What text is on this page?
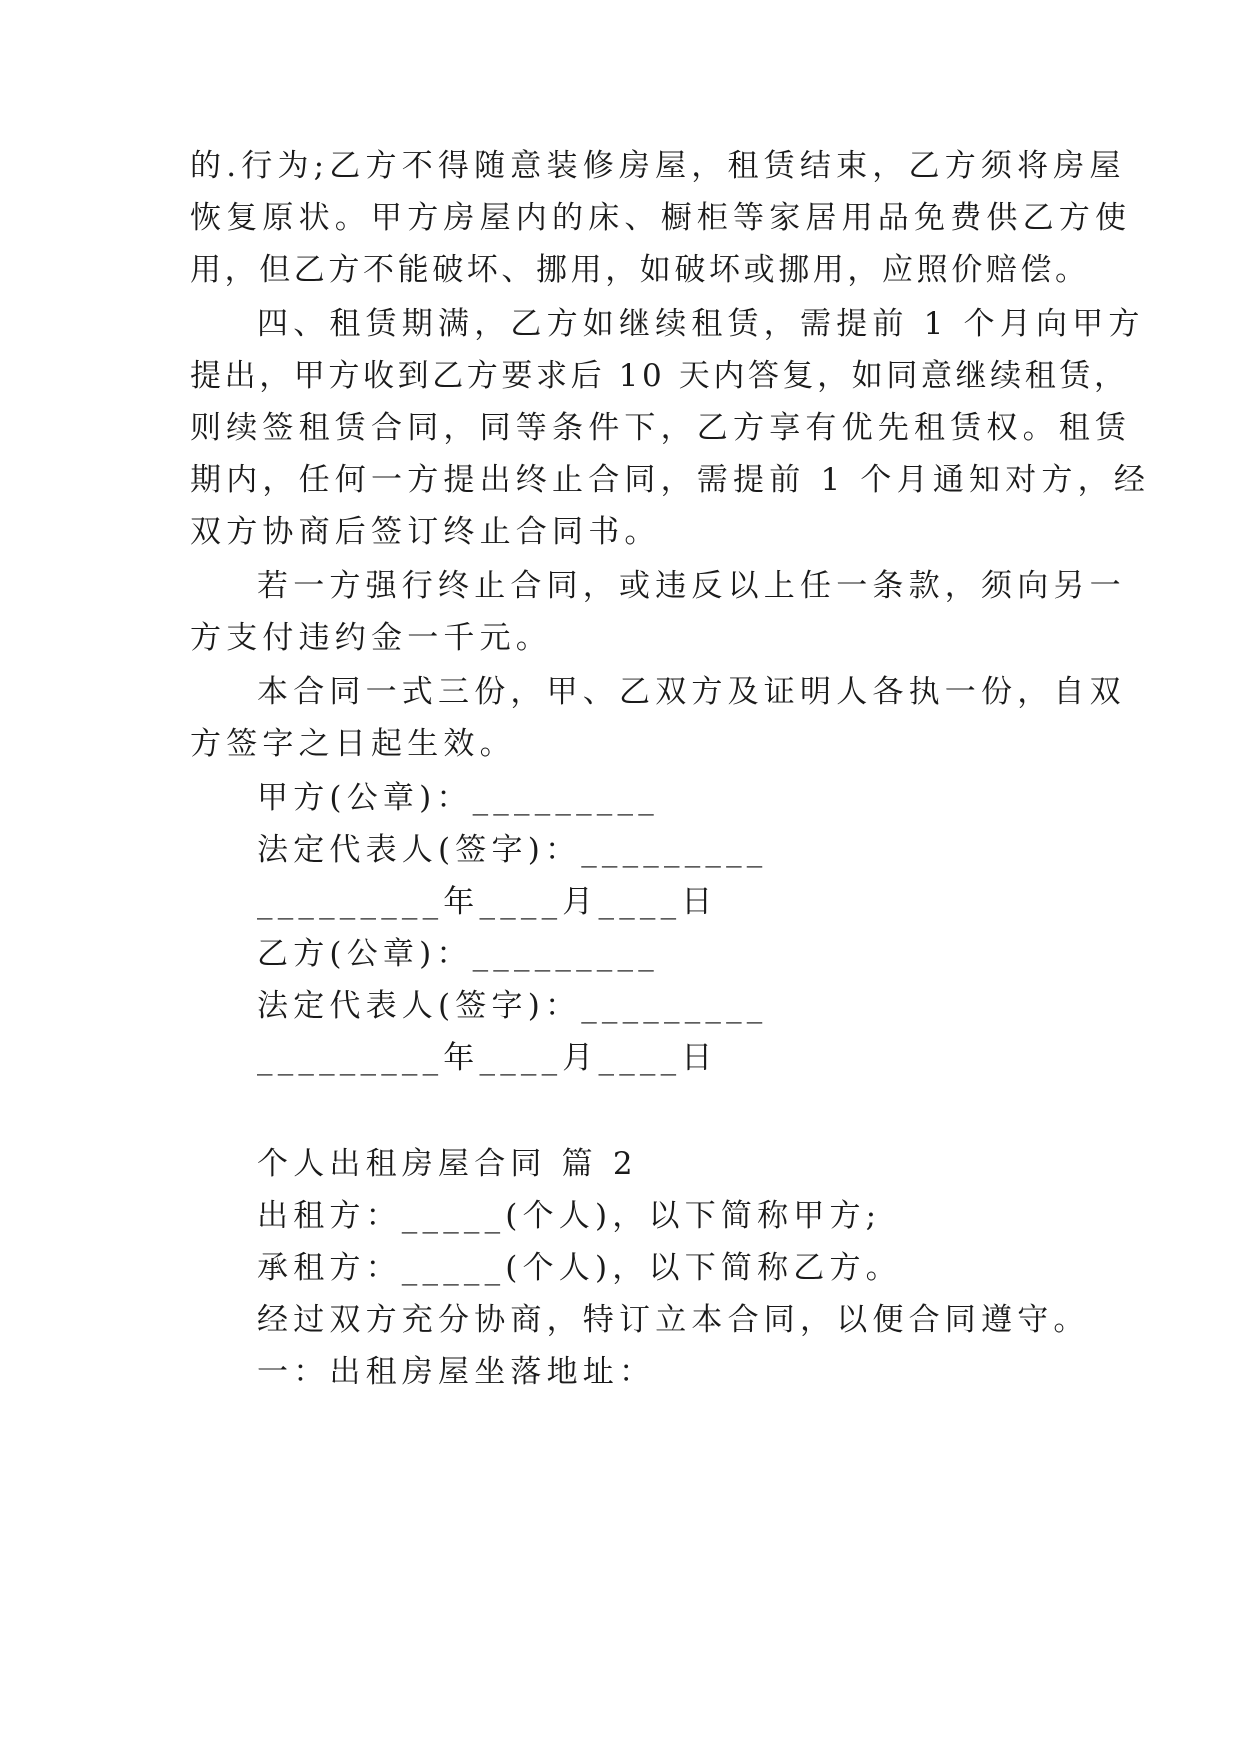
的.行为;乙方不得随意装修房屋，租赁结束，乙方须将房屋
恢复原状。甲方房屋内的床、橱柜等家居用品免费供乙方使
用，但乙方不能破坏、挪用，如破坏或挪用，应照价赔偿。
四、租赁期满，乙方如继续租赁，需提前 1 个月向甲方
提出，甲方收到乙方要求后 10 天内答复，如同意继续租赁，
则续签租赁合同，同等条件下，乙方享有优先租赁权。租赁
期内，任何一方提出终止合同，需提前 1 个月通知对方，经
双方协商后签订终止合同书。
若一方强行终止合同，或违反以上任一条款，须向另一
方支付违约金一千元。
本合同一式三份，甲、乙双方及证明人各执一份，自双
方签字之日起生效。
甲方(公章)：_________
法定代表人(签字)：_________
_________年____月____日
乙方(公章)：_________
法定代表人(签字)：_________
_________年____月____日
个人出租房屋合同 篇 2
出租方：_____(个人)，以下简称甲方;
承租方：_____(个人)，以下简称乙方。
经过双方充分协商，特订立本合同，以便合同遵守。
一：出租房屋坐落地址：
